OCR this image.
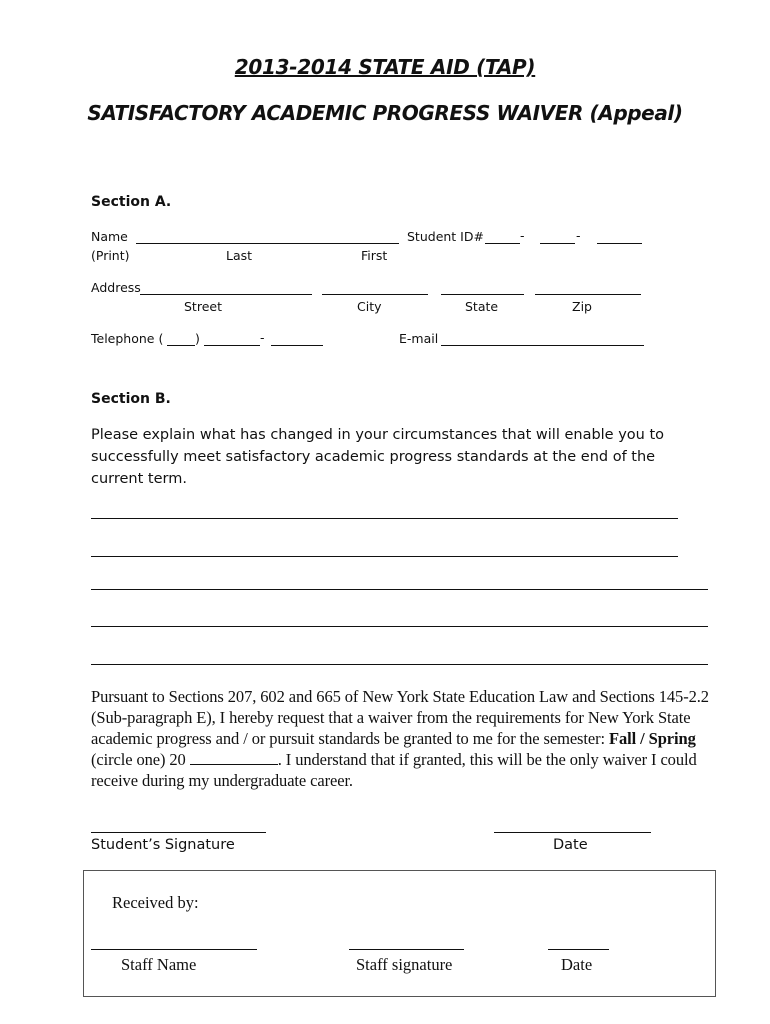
2013-2014 STATE AID (TAP)
SATISFACTORY ACADEMIC PROGRESS WAIVER (Appeal)
Section A.
Name	Student ID#	-	-
(Print)	Last	First
Address
Street	City	State	Zip
Telephone (	)	-	E-mail
Section B.
Please explain what has changed in your circumstances that will enable you to successfully meet satisfactory academic progress standards at the end of the current term.
Pursuant to Sections 207, 602 and 665 of New York State Education Law and Sections 145-2.2 (Sub-paragraph E), I hereby request that a waiver from the requirements for New York State academic progress and / or pursuit standards be granted to me for the semester: Fall / Spring (circle one) 20	. I understand that if granted, this will be the only waiver I could receive during my undergraduate career.
Student’s Signature	Date
Received by:
Staff Name	Staff signature	Date
